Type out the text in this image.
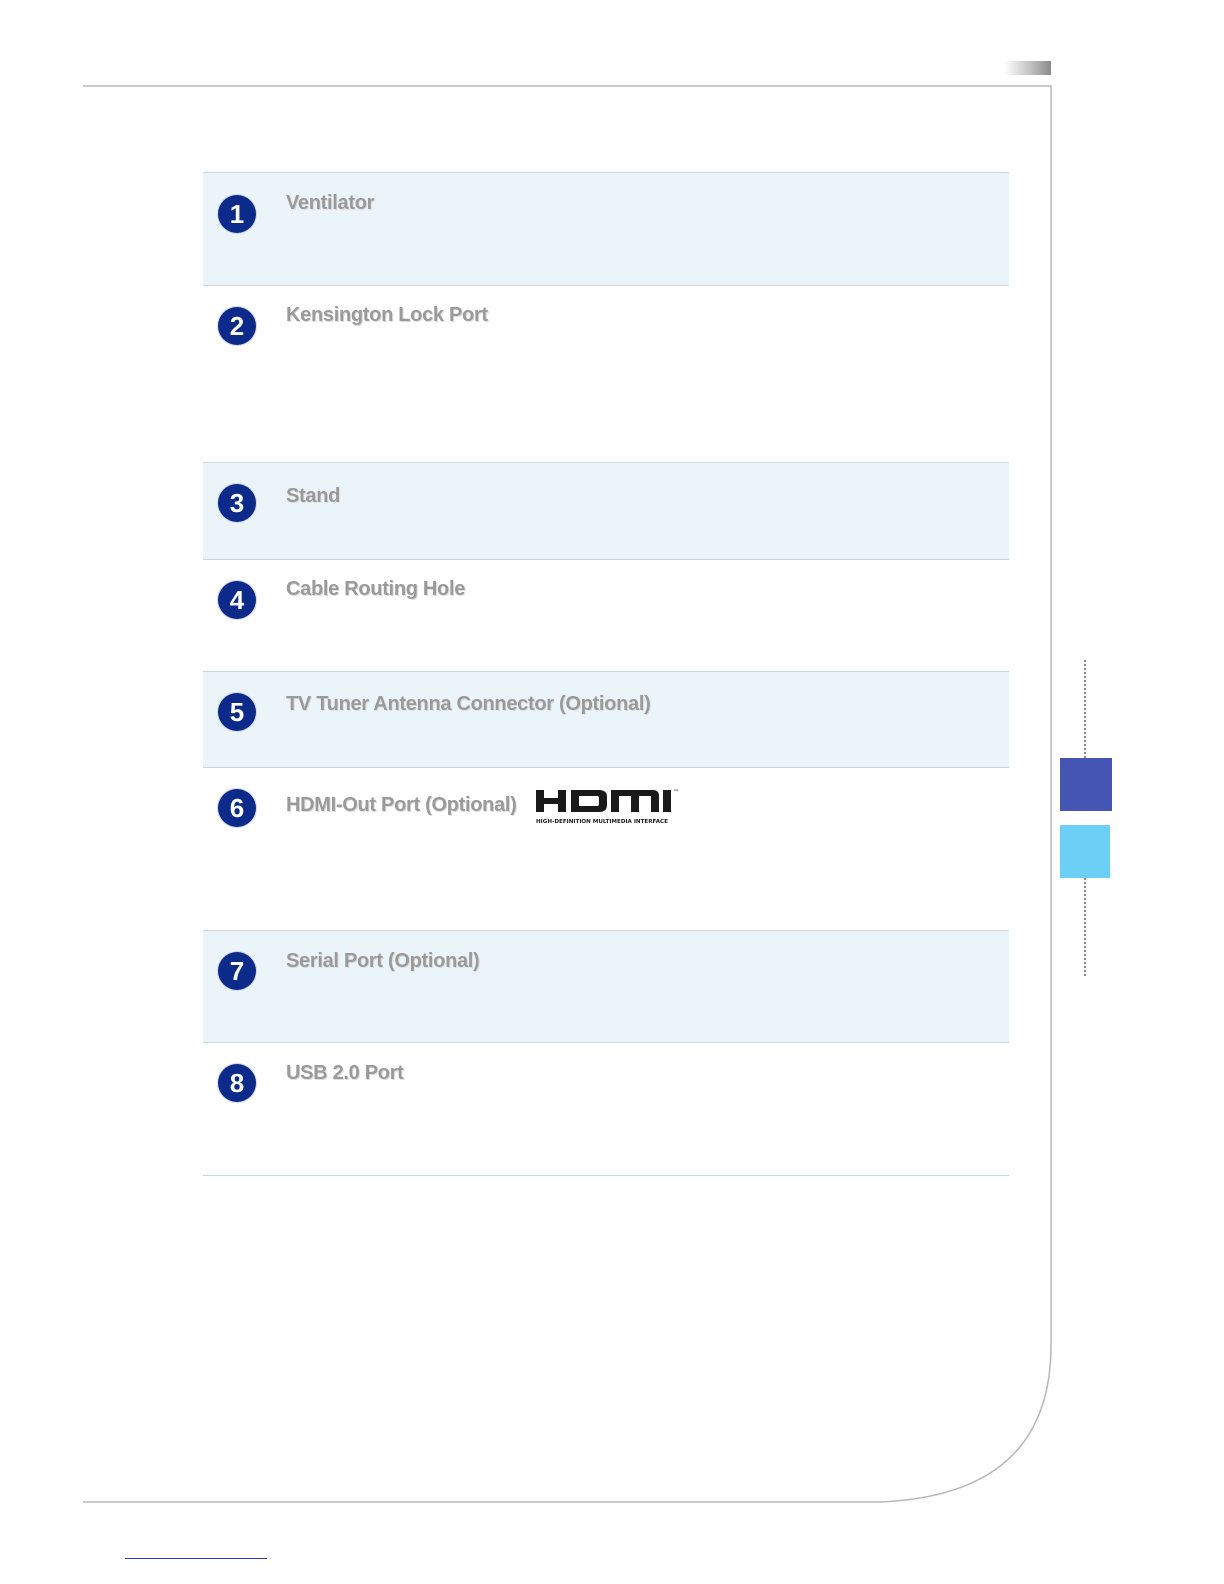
1	Ventilator
2	Kensington Lock Port
3	Stand
4	Cable Routing Hole
5	TV Tuner Antenna Connector (Optional)
6	HDMI-Out Port (Optional)
™
HIGH-DEFINITION MULTIMEDIA INTERFACE
7	Serial Port (Optional)
8	USB 2.0 Port
